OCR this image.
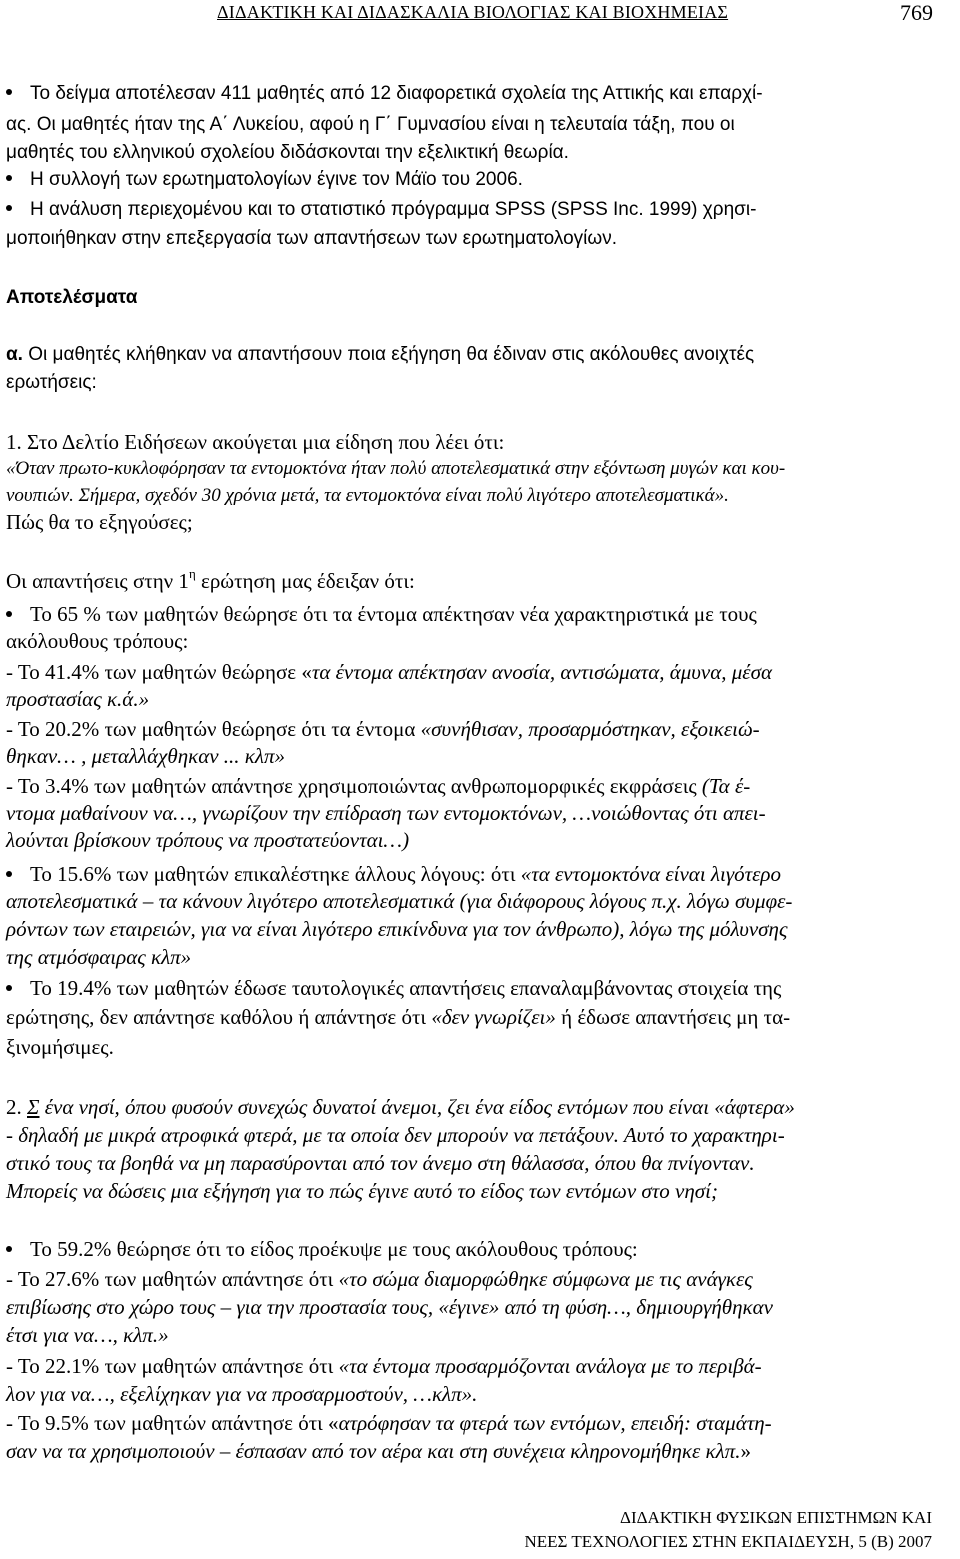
ΔΙΔΑΚΤΙΚΗ ΚΑΙ ΔΙΔΑΣΚΑΛΙΑ ΒΙΟΛΟΓΙΑΣ ΚΑΙ ΒΙΟΧΗΜΕΙΑΣ	769
Το δείγμα αποτέλεσαν 411 μαθητές από 12 διαφορετικά σχολεία της Αττικής και επαρχί-
ας. Οι μαθητές ήταν της Α΄ Λυκείου, αφού η Γ΄ Γυμνασίου είναι η τελευταία τάξη, που οι
μαθητές του ελληνικού σχολείου διδάσκονται την εξελικτική θεωρία.
Η συλλογή των ερωτηματολογίων έγινε τον Μάϊο του 2006.
Η ανάλυση περιεχομένου και το στατιστικό πρόγραμμα SPSS (SPSS Inc. 1999) χρησι-
μοποιήθηκαν στην επεξεργασία των απαντήσεων των ερωτηματολογίων.
Αποτελέσματα
α. Οι μαθητές κλήθηκαν να απαντήσουν ποια εξήγηση θα έδιναν στις ακόλουθες ανοιχτές
ερωτήσεις:
1. Στο Δελτίο Ειδήσεων ακούγεται μια είδηση που λέει ότι:
«Όταν πρωτο-κυκλοφόρησαν τα εντομοκτόνα ήταν πολύ αποτελεσματικά στην εξόντωση μυγών και κου-
νουπιών. Σήμερα, σχεδόν 30 χρόνια μετά, τα εντομοκτόνα είναι πολύ λιγότερο αποτελεσματικά».
Πώς θα το εξηγούσες;
Οι απαντήσεις στην $1^\eta$ ερώτηση μας έδειξαν ότι:
Το 65 % των μαθητών θεώρησε ότι τα έντομα απέκτησαν νέα χαρακτηριστικά με τους
ακόλουθους τρόπους:
- Το 41.4% των μαθητών θεώρησε «τα έντομα απέκτησαν ανοσία, αντισώματα, άμυνα, μέσα
προστασίας κ.ά.»
- Το 20.2% των μαθητών θεώρησε ότι τα έντομα «συνήθισαν, προσαρμόστηκαν, εξοικειώ-
θηκαν… , μεταλλάχθηκαν ... κλπ»
- Το 3.4% των μαθητών απάντησε χρησιμοποιώντας ανθρωπομορφικές εκφράσεις (Τα έ-
ντομα μαθαίνουν να…, γνωρίζουν την επίδραση των εντομοκτόνων, …νοιώθοντας ότι απει-
λούνται βρίσκουν τρόπους να προστατεύονται…)
Το 15.6% των μαθητών επικαλέστηκε άλλους λόγους: ότι «τα εντομοκτόνα είναι λιγότερο
αποτελεσματικά – τα κάνουν λιγότερο αποτελεσματικά (για διάφορους λόγους π.χ. λόγω συμφε-
ρόντων των εταιρειών, για να είναι λιγότερο επικίνδυνα για τον άνθρωπο), λόγω της μόλυνσης
της ατμόσφαιρας κλπ»
Το 19.4% των μαθητών έδωσε ταυτολογικές απαντήσεις επαναλαμβάνοντας στοιχεία της
ερώτησης, δεν απάντησε καθόλου ή απάντησε ότι «δεν γνωρίζει» ή έδωσε απαντήσεις μη τα-
ξινομήσιμες.
2. Σ ένα νησί, όπου φυσούν συνεχώς δυνατοί άνεμοι, ζει ένα είδος εντόμων που είναι «άφτερα»
- δηλαδή με μικρά ατροφικά φτερά, με τα οποία δεν μπορούν να πετάξουν. Αυτό το χαρακτηρι-
στικό τους τα βοηθά να μη παρασύρονται από τον άνεμο στη θάλασσα, όπου θα πνίγονταν.
Μπορείς να δώσεις μια εξήγηση για το πώς έγινε αυτό το είδος των εντόμων στο νησί;
Το 59.2% θεώρησε ότι το είδος προέκυψε με τους ακόλουθους τρόπους:
- Το 27.6% των μαθητών απάντησε ότι «το σώμα διαμορφώθηκε σύμφωνα με τις ανάγκες
επιβίωσης στο χώρο τους – για την προστασία τους, «έγινε» από τη φύση…, δημιουργήθηκαν
έτσι για να…, κλπ.»
- Το 22.1% των μαθητών απάντησε ότι «τα έντομα προσαρμόζονται ανάλογα με το περιβά-
λον για να…, εξελίχηκαν για να προσαρμοστούν, …κλπ».
- Το 9.5% των μαθητών απάντησε ότι «ατρόφησαν τα φτερά των εντόμων, επειδή: σταμάτη-
σαν να τα χρησιμοποιούν – έσπασαν από τον αέρα και στη συνέχεια κληρονομήθηκε κλπ.»
ΔΙΔΑΚΤΙΚΗ ΦΥΣΙΚΩΝ ΕΠΙΣΤΗΜΩΝ ΚΑΙ
ΝΕΕΣ ΤΕΧΝΟΛΟΓΙΕΣ ΣΤΗΝ ΕΚΠΑΙΔΕΥΣΗ, 5 (Β) 2007
